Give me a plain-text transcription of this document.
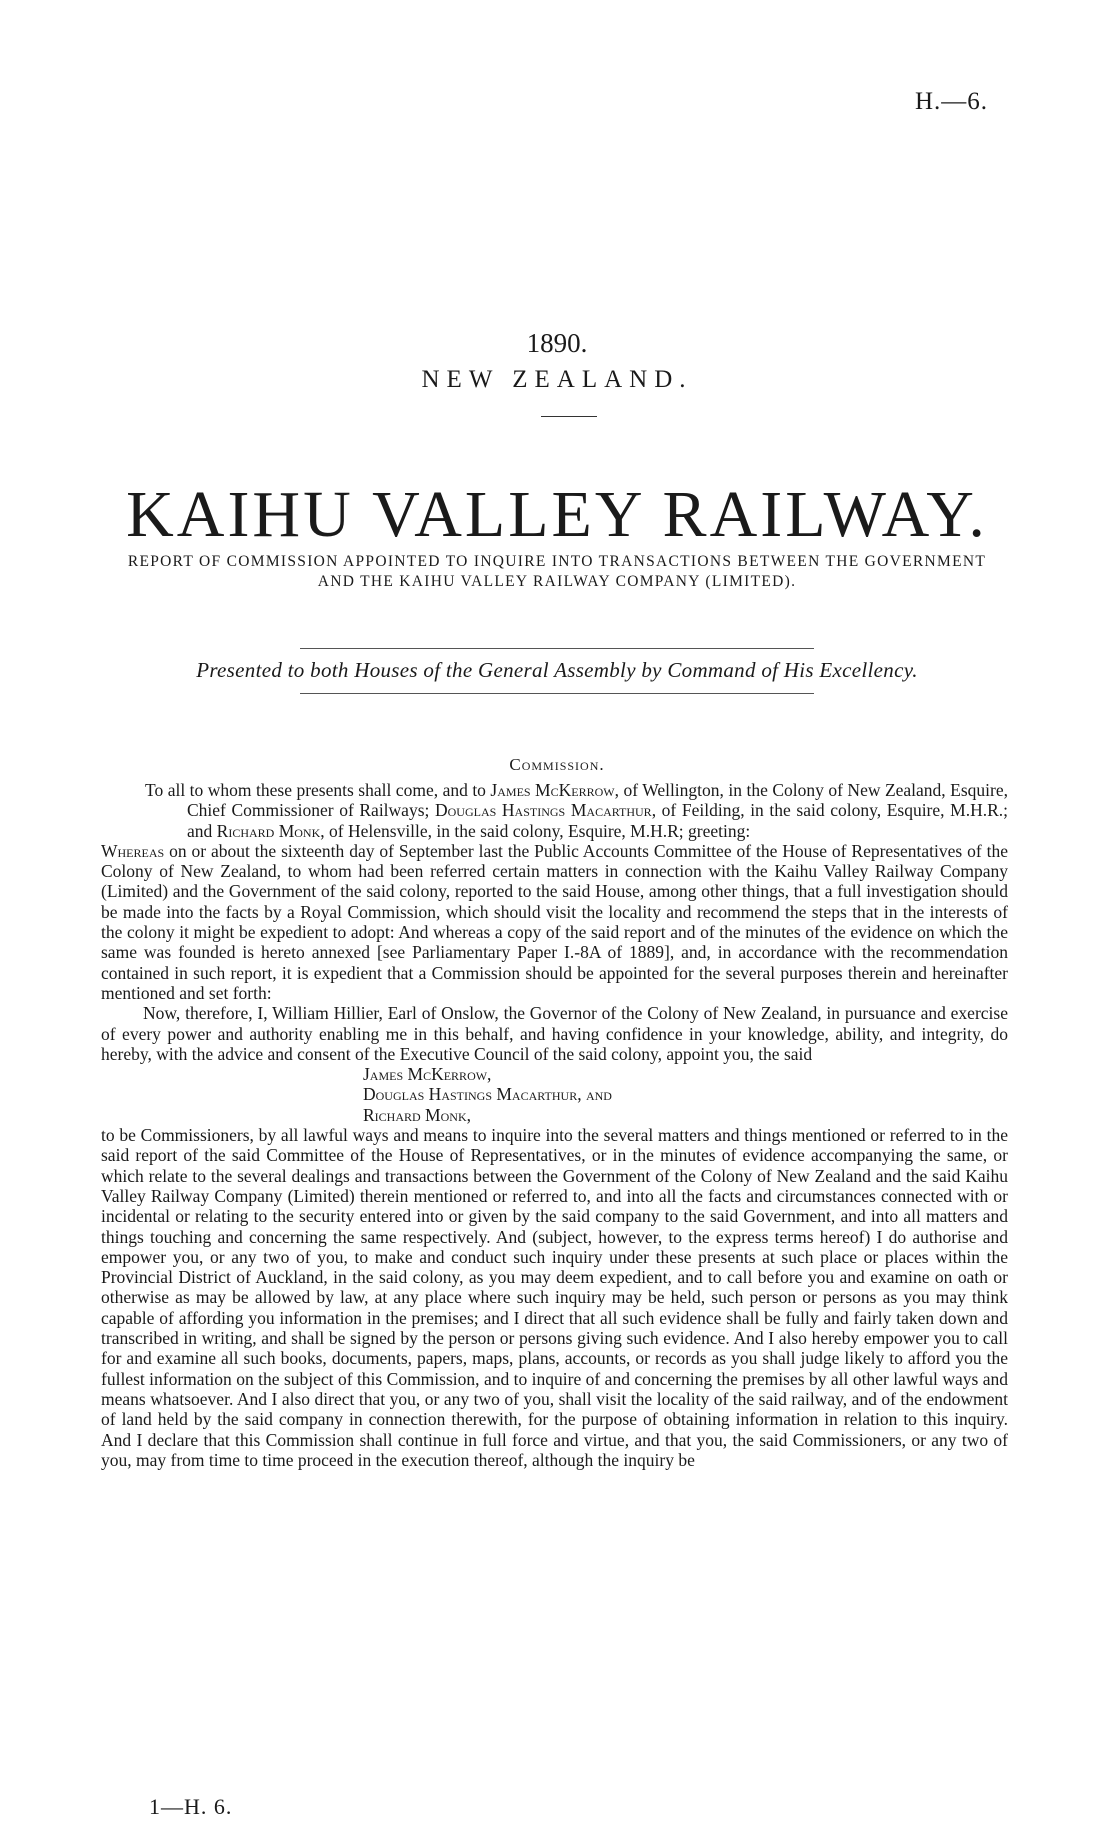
H.—6.
1890.
NEW ZEALAND.
KAIHU VALLEY RAILWAY.
REPORT OF COMMISSION APPOINTED TO INQUIRE INTO TRANSACTIONS BETWEEN THE GOVERNMENT AND THE KAIHU VALLEY RAILWAY COMPANY (LIMITED).
Presented to both Houses of the General Assembly by Command of His Excellency.
Commission.

To all to whom these presents shall come, and to James McKerrow, of Wellington, in the Colony of New Zealand, Esquire, Chief Commissioner of Railways; Douglas Hastings Macarthur, of Feilding, in the said colony, Esquire, M.H.R.; and Richard Monk, of Helensville, in the said colony, Esquire, M.H.R; greeting:

Whereas on or about the sixteenth day of September last the Public Accounts Committee of the House of Representatives of the Colony of New Zealand, to whom had been referred certain matters in connection with the Kaihu Valley Railway Company (Limited) and the Government of the said colony, reported to the said House, among other things, that a full investigation should be made into the facts by a Royal Commission, which should visit the locality and recommend the steps that in the interests of the colony it might be expedient to adopt: And whereas a copy of the said report and of the minutes of the evidence on which the same was founded is hereto annexed [see Parliamentary Paper I.-8A of 1889], and, in accordance with the recommendation contained in such report, it is expedient that a Commission should be appointed for the several purposes therein and hereinafter mentioned and set forth:

Now, therefore, I, William Hillier, Earl of Onslow, the Governor of the Colony of New Zealand, in pursuance and exercise of every power and authority enabling me in this behalf, and having confidence in your knowledge, ability, and integrity, do hereby, with the advice and consent of the Executive Council of the said colony, appoint you, the said

James McKerrow,
Douglas Hastings Macarthur, and
Richard Monk,

to be Commissioners, by all lawful ways and means to inquire into the several matters and things mentioned or referred to in the said report of the said Committee of the House of Representatives, or in the minutes of evidence accompanying the same, or which relate to the several dealings and transactions between the Government of the Colony of New Zealand and the said Kaihu Valley Railway Company (Limited) therein mentioned or referred to, and into all the facts and circumstances connected with or incidental or relating to the security entered into or given by the said company to the said Government, and into all matters and things touching and concerning the same respectively. And (subject, however, to the express terms hereof) I do authorise and empower you, or any two of you, to make and conduct such inquiry under these presents at such place or places within the Provincial District of Auckland, in the said colony, as you may deem expedient, and to call before you and examine on oath or otherwise as may be allowed by law, at any place where such inquiry may be held, such person or persons as you may think capable of affording you information in the premises; and I direct that all such evidence shall be fully and fairly taken down and transcribed in writing, and shall be signed by the person or persons giving such evidence. And I also hereby empower you to call for and examine all such books, documents, papers, maps, plans, accounts, or records as you shall judge likely to afford you the fullest information on the subject of this Commission, and to inquire of and concerning the premises by all other lawful ways and means whatsoever. And I also direct that you, or any two of you, shall visit the locality of the said railway, and of the endowment of land held by the said company in connection therewith, for the purpose of obtaining information in relation to this inquiry. And I declare that this Commission shall continue in full force and virtue, and that you, the said Commissioners, or any two of you, may from time to time proceed in the execution thereof, although the inquiry be

1—H. 6.
